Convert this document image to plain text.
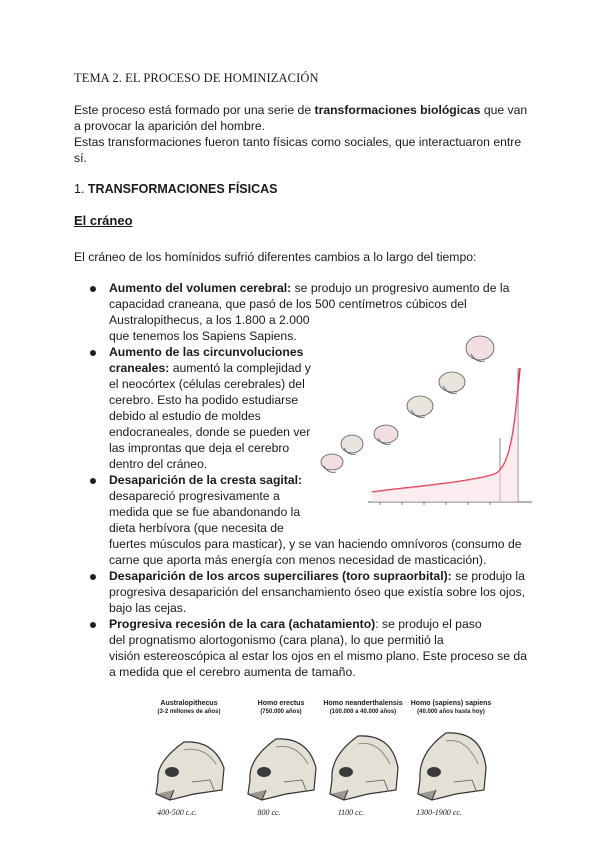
TEMA 2. EL PROCESO DE HOMINIZACIÓN
Este proceso está formado por una serie de transformaciones biológicas que van
a provocar la aparición del hombre.
Estas transformaciones fueron tanto físicas como sociales, que interactuaron entre
sí.
1. TRANSFORMACIONES FÍSICAS
El cráneo
El cráneo de los homínidos sufrió diferentes cambios a lo largo del tiempo:
Aumento del volumen cerebral: se produjo un progresivo aumento de la
capacidad craneana, que pasó de los 500 centímetros cúbicos del
Australopithecus, a los 1.800 a 2.000
que tenemos los Sapiens Sapiens.
Aumento de las circunvoluciones
craneales: aumentó la complejidad y
el neocórtex (células cerebrales) del
cerebro. Esto ha podido estudiarse
debido al estudio de moldes
endocraneales, donde se pueden ver
las improntas que deja el cerebro
dentro del cráneo.
Desaparición de la cresta sagital:
desapareció progresivamente a
medida que se fue abandonando la
dieta herbívora (que necesita de
fuertes músculos para masticar), y se van haciendo omnívoros (consumo de
carne que aporta más energía con menos necesidad de masticación).
Desaparición de los arcos superciliares (toro supraorbital): se produjo la
progresiva desaparición del ensanchamiento óseo que existía sobre los ojos,
bajo las cejas.
Progresiva recesión de la cara (achatamiento): se produjo el paso
del prognatismo alortogonismo (cara plana), lo que permitió la
visión estereoscópica al estar los ojos en el mismo plano. Este proceso se da
a medida que el cerebro aumenta de tamaño.
Australopithecus
(3-2 millones de años)
400-500 c.c.
Homo erectus
(750.000 años)
800 cc.
Homo neanderthalensis
(100.000 a 40.000 años)
1100 cc.
Homo (sapiens) sapiens
(40.000 años hasta hoy)
1300-1900 cc.
